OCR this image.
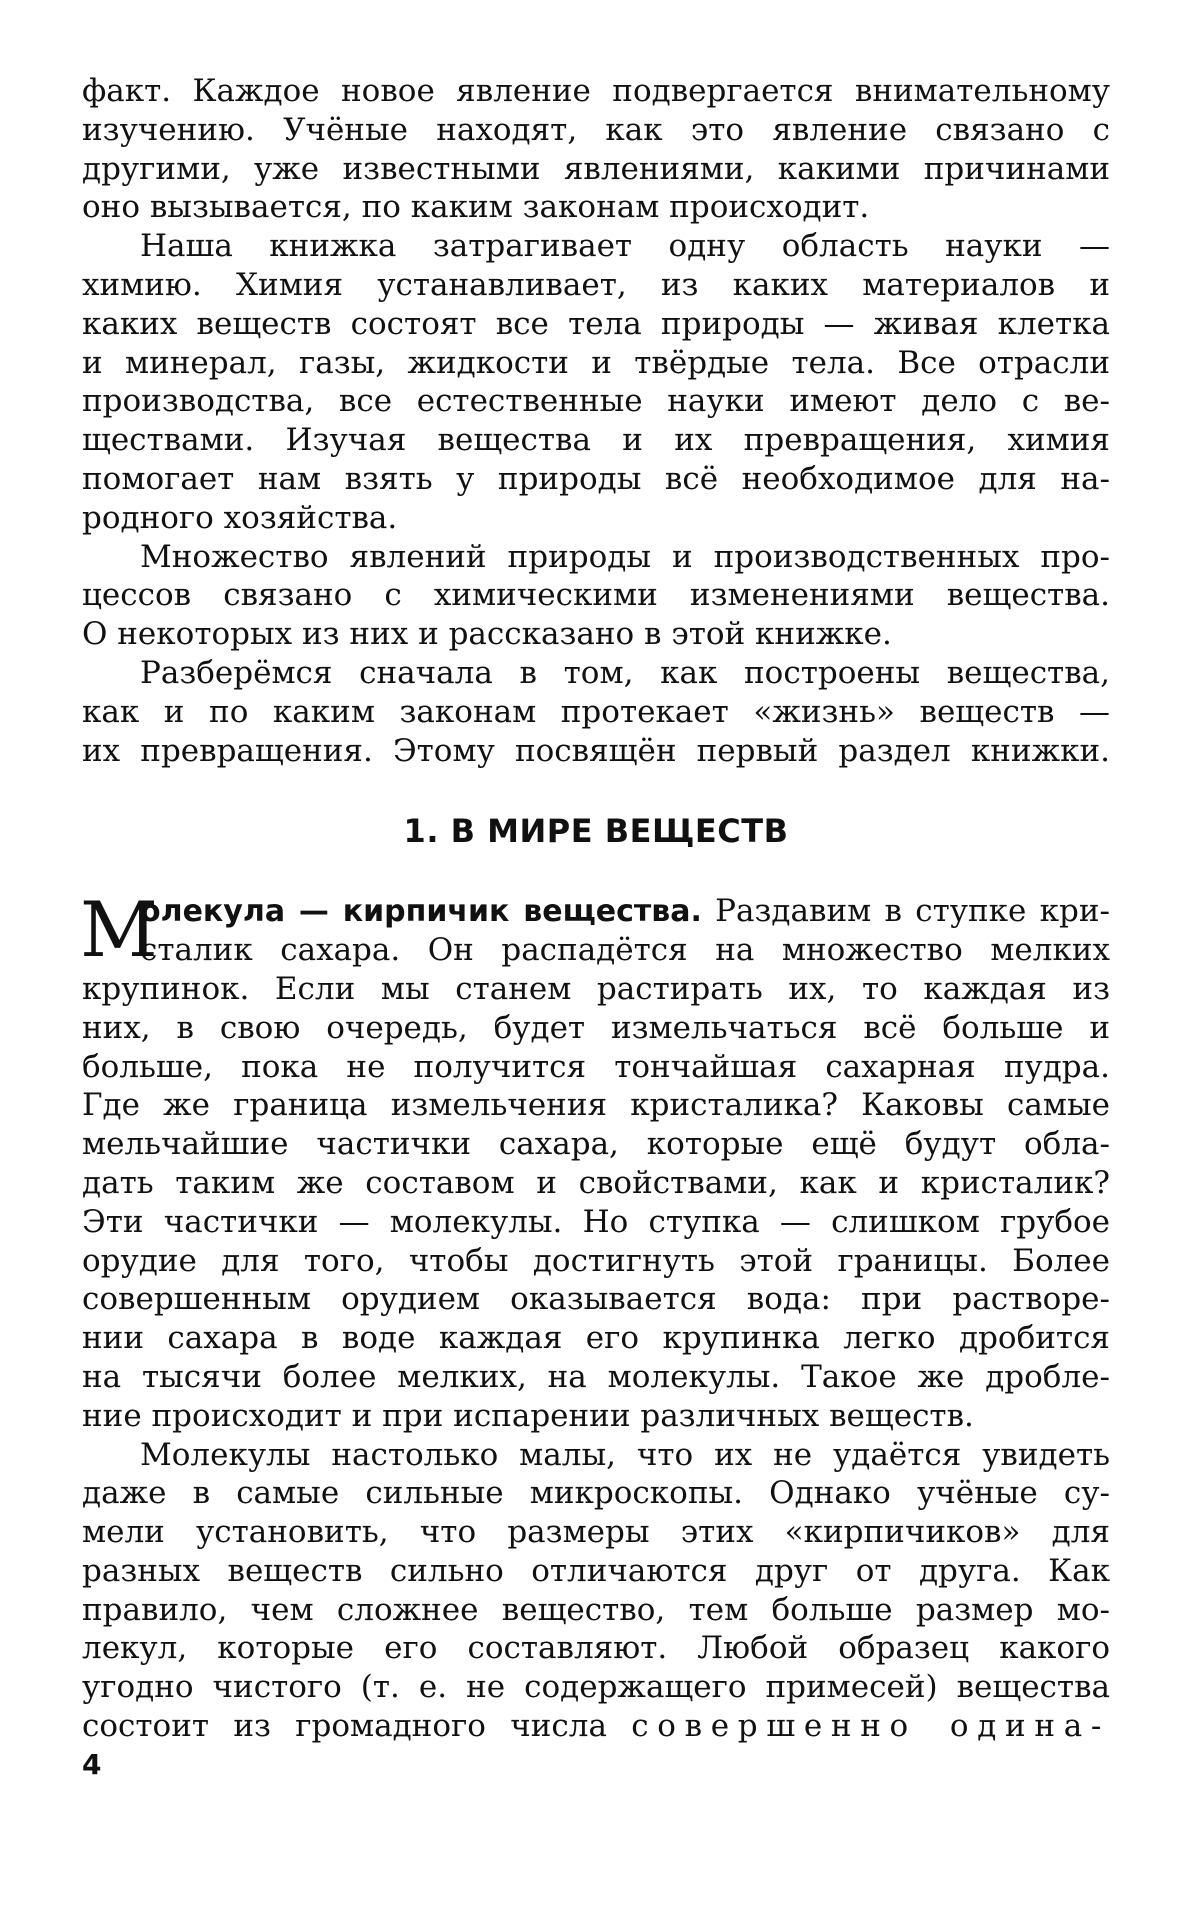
факт. Каждое новое явление подвергается внимательному
изучению. Учёные находят, как это явление связано с
другими, уже известными явлениями, какими причинами
оно вызывается, по каким законам происходит.
Наша книжка затрагивает одну область науки —
химию. Химия устанавливает, из каких материалов и
каких веществ состоят все тела природы — живая клетка
и минерал, газы, жидкости и твёрдые тела. Все отрасли
производства, все естественные науки имеют дело с ве-
ществами. Изучая вещества и их превращения, химия
помогает нам взять у природы всё необходимое для на-
родного хозяйства.
Множество явлений природы и производственных про-
цессов связано с химическими изменениями вещества.
О некоторых из них и рассказано в этой книжке.
Разберёмся сначала в том, как построены вещества,
как и по каким законам протекает «жизнь» веществ —
их превращения. Этому посвящён первый раздел книжки.
1. В МИРЕ ВЕЩЕСТВ
М
олекула — кирпичик вещества. Раздавим в ступке кри-
сталик сахара. Он распадётся на множество мелких
крупинок. Если мы станем растирать их, то каждая из
них, в свою очередь, будет измельчаться всё больше и
больше, пока не получится тончайшая сахарная пудра.
Где же граница измельчения кристалика? Каковы самые
мельчайшие частички сахара, которые ещё будут обла-
дать таким же составом и свойствами, как и кристалик?
Эти частички — молекулы. Но ступка — слишком грубое
орудие для того, чтобы достигнуть этой границы. Более
совершенным орудием оказывается вода: при растворе-
нии сахара в воде каждая его крупинка легко дробится
на тысячи более мелких, на молекулы. Такое же дробле-
ние происходит и при испарении различных веществ.
Молекулы настолько малы, что их не удаётся увидеть
даже в самые сильные микроскопы. Однако учёные су-
мели установить, что размеры этих «кирпичиков» для
разных веществ сильно отличаются друг от друга. Как
правило, чем сложнее вещество, тем больше размер мо-
лекул, которые его составляют. Любой образец какого
угодно чистого (т. е. не содержащего примесей) вещества
состоит из громадного числа совершенно одина-
4
